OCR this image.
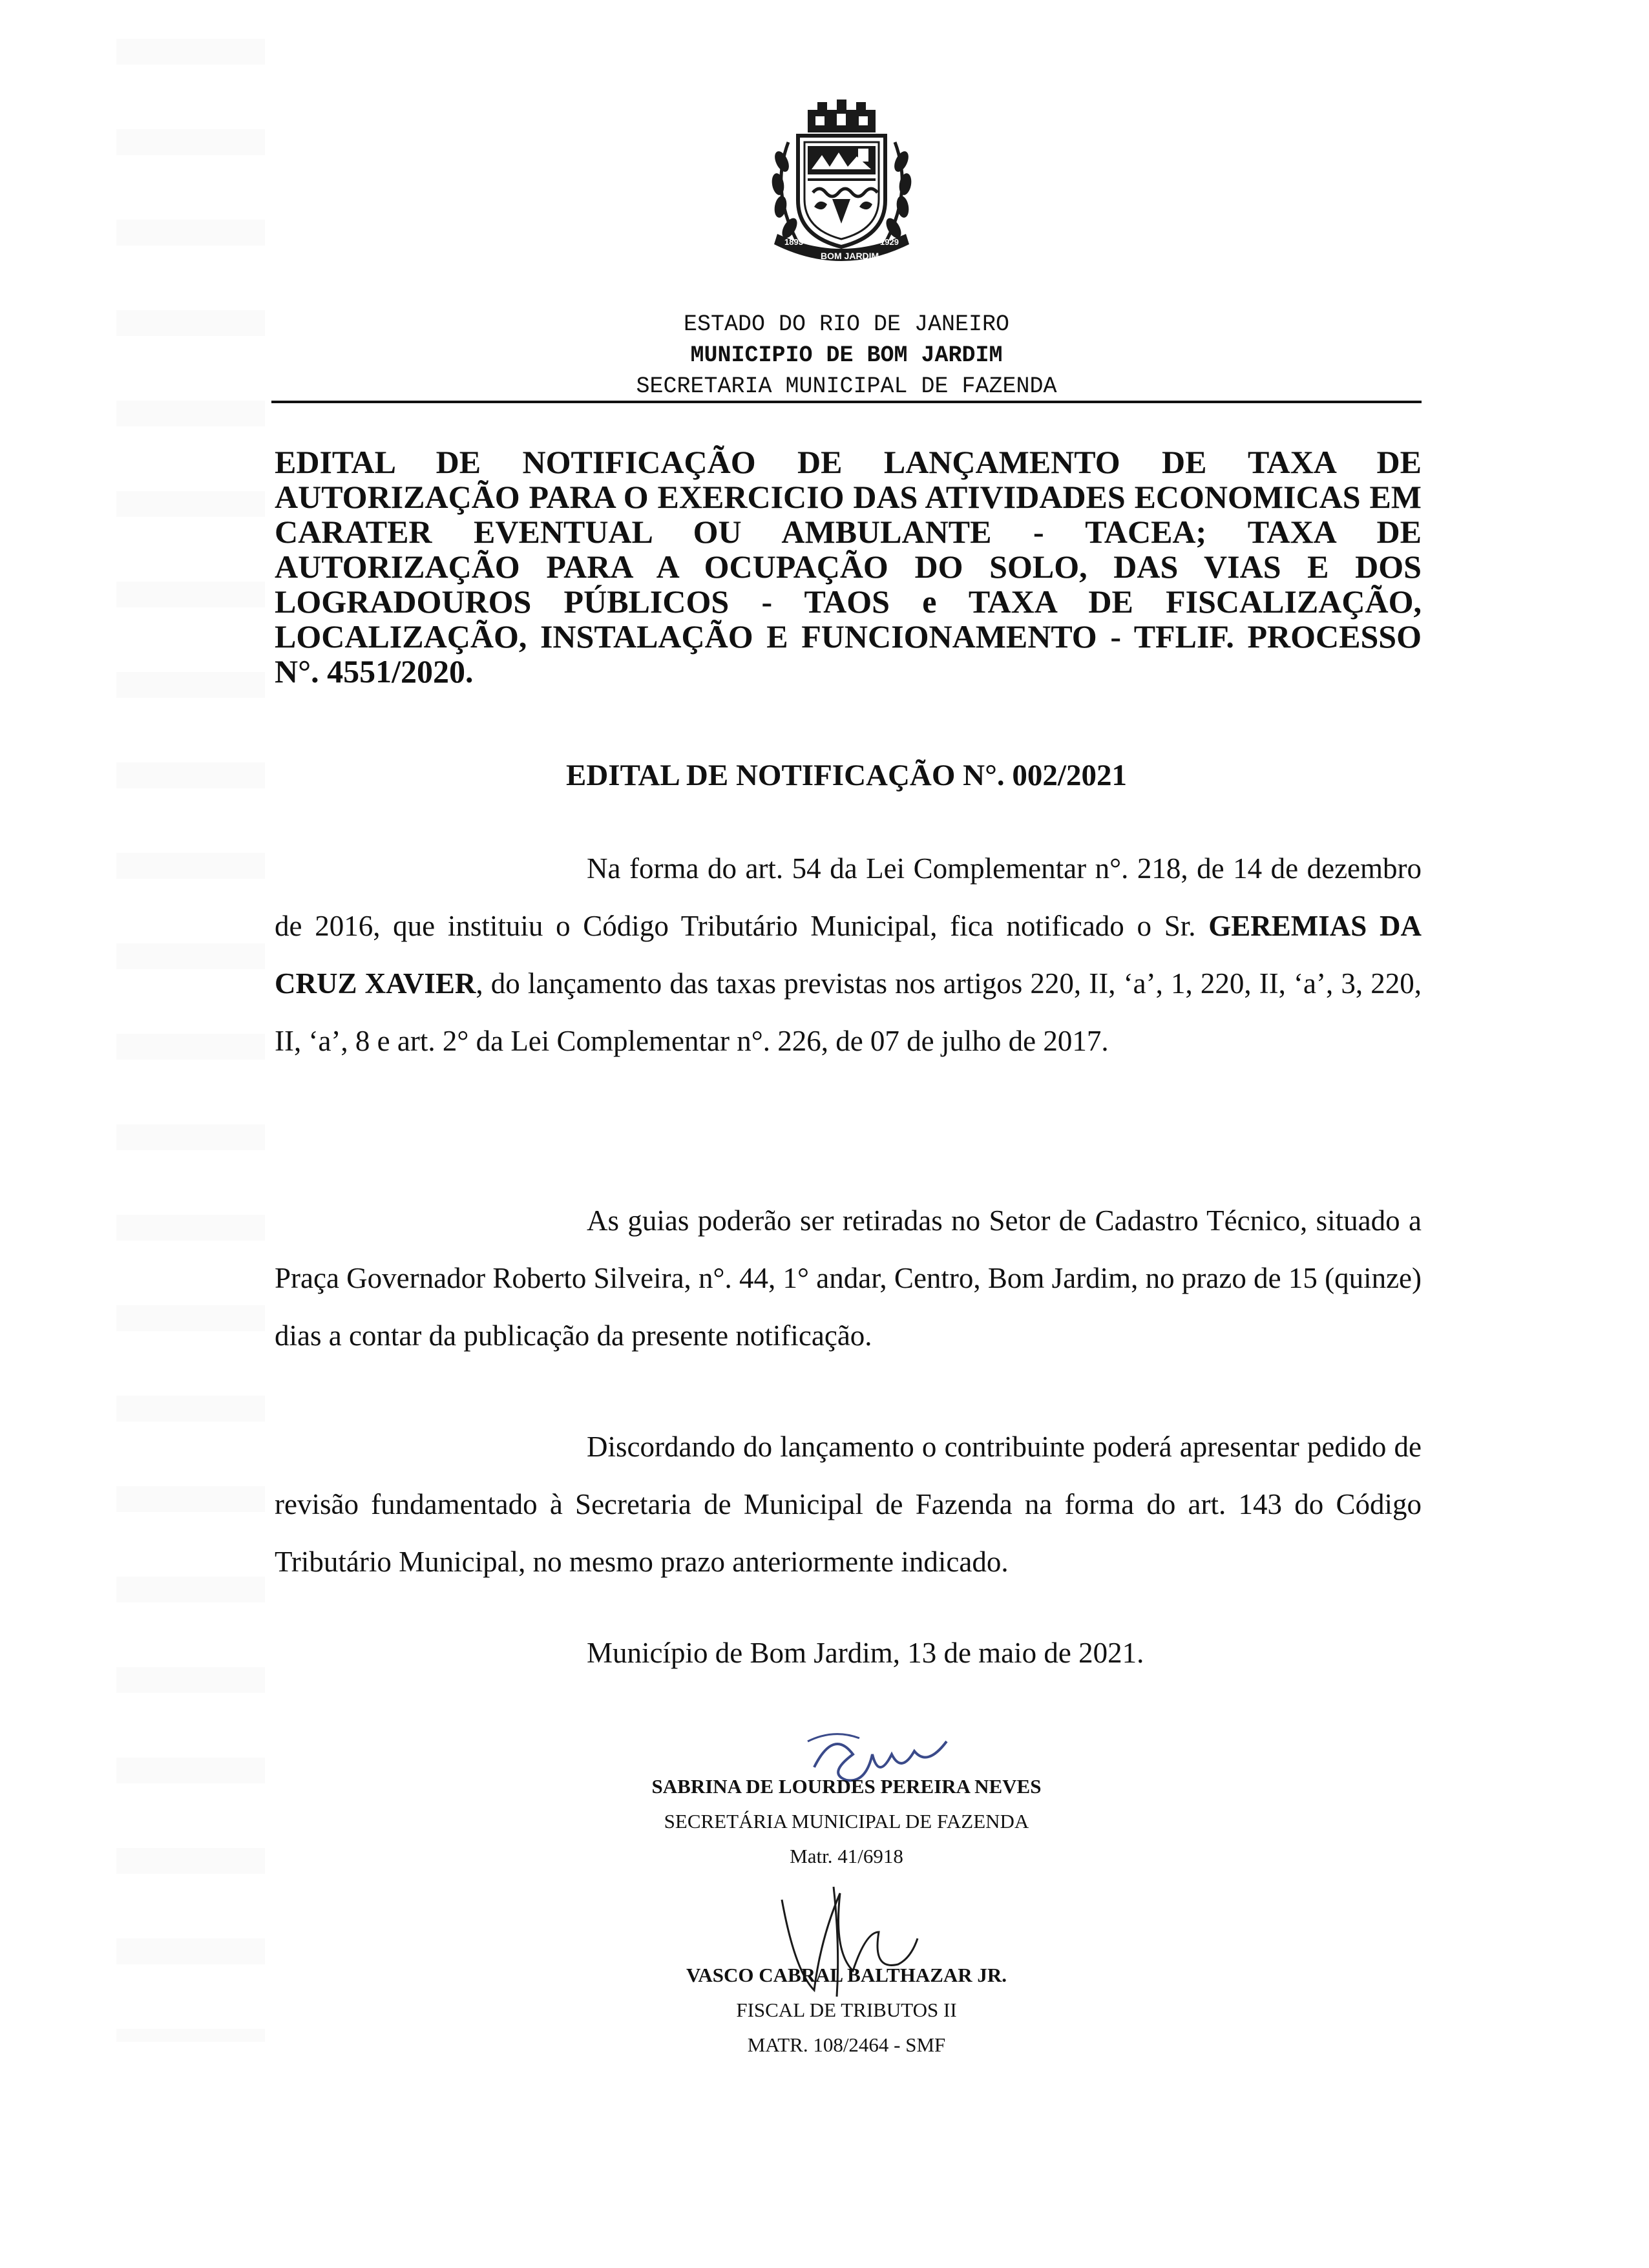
1893	1929
BOM JARDIM
ESTADO DO RIO DE JANEIRO
MUNICIPIO DE BOM JARDIM
SECRETARIA MUNICIPAL DE FAZENDA
EDITAL DE NOTIFICAÇÃO DE LANÇAMENTO DE TAXA DE AUTORIZAÇÃO PARA O EXERCICIO DAS ATIVIDADES ECONOMICAS EM CARATER EVENTUAL OU AMBULANTE - TACEA; TAXA DE AUTORIZAÇÃO PARA A OCUPAÇÃO DO SOLO, DAS VIAS E DOS LOGRADOUROS PÚBLICOS - TAOS e TAXA DE FISCALIZAÇÃO, LOCALIZAÇÃO, INSTALAÇÃO E FUNCIONAMENTO - TFLIF. PROCESSO N°. 4551/2020.
EDITAL DE NOTIFICAÇÃO N°. 002/2021

Na forma do art. 54 da Lei Complementar n°. 218, de 14 de dezembro de 2016, que instituiu o Código Tributário Municipal, fica notificado o Sr. GEREMIAS DA CRUZ XAVIER, do lançamento das taxas previstas nos artigos 220, II, ‘a’, 1, 220, II, ‘a’, 3, 220, II, ‘a’, 8 e art. 2° da Lei Complementar n°. 226, de 07 de julho de 2017.

As guias poderão ser retiradas no Setor de Cadastro Técnico, situado a Praça Governador Roberto Silveira, n°. 44, 1° andar, Centro, Bom Jardim, no prazo de 15 (quinze) dias a contar da publicação da presente notificação.

Discordando do lançamento o contribuinte poderá apresentar pedido de revisão fundamentado à Secretaria de Municipal de Fazenda na forma do art. 143 do Código Tributário Municipal, no mesmo prazo anteriormente indicado.

Município de Bom Jardim, 13 de maio de 2021.
SABRINA DE LOURDES PEREIRA NEVES
SECRETÁRIA MUNICIPAL DE FAZENDA
Matr. 41/6918
VASCO CABRAL BALTHAZAR JR.
FISCAL DE TRIBUTOS II
MATR. 108/2464 - SMF
